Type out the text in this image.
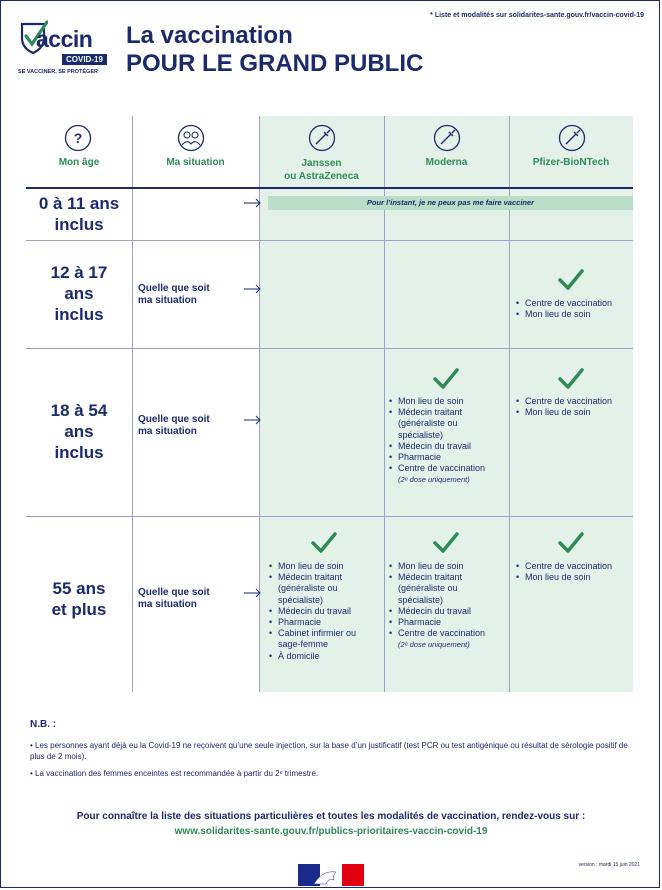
accin
COVID-19
SE VACCINER, SE PROTÉGER
La vaccination
POUR LE GRAND PUBLIC
* Liste et modalités sur solidarites-sante.gouv.fr/vaccin-covid-19
?
Mon âge	Ma situation	Janssen
ou AstraZeneca
Moderna	Pfizer-BioNTech
0 à 11 ans
inclus
Pour l’instant, je ne peux pas me faire vacciner
12 à 17
ans
inclus
Quelle que soit
ma situation
•	Centre de vaccination
• Mon lieu de soin
18 à 54
ans
inclus
Quelle que soit
ma situation
• Mon lieu de soin
• Médecin traitant
(généraliste ou
spécialiste)
• Médecin du travail
• Pharmacie
• Centre de vaccination
(2ᵉ dose uniquement)
• Centre de vaccination
• Mon lieu de soin
55 ans
et plus
Quelle que soit
ma situation
• Mon lieu de soin
• Médecin traitant
(généraliste ou
spécialiste)
• Médecin du travail
• Pharmacie
• Cabinet infirmier ou
sage-femme
• À domicile
• Mon lieu de soin
• Médecin traitant
(généraliste ou
spécialiste)
• Médecin du travail
• Pharmacie
• Centre de vaccination
(2ᵉ dose uniquement)
• Centre de vaccination
• Mon lieu de soin
N.B. :
• Les personnes ayant déjà eu la Covid-19 ne reçoivent qu’une seule injection, sur la base d’un justificatif (test PCR ou test antigénique ou résultat de sérologie positif de plus de 2 mois).
• La vaccination des femmes enceintes est recommandée à partir du 2ᵉ trimestre.
Pour connaître la liste des situations particulières et toutes les modalités de vaccination, rendez-vous sur :
www.solidarites-sante.gouv.fr/publics-prioritaires-vaccin-covid-19
version : mardi 15 juin 2021
